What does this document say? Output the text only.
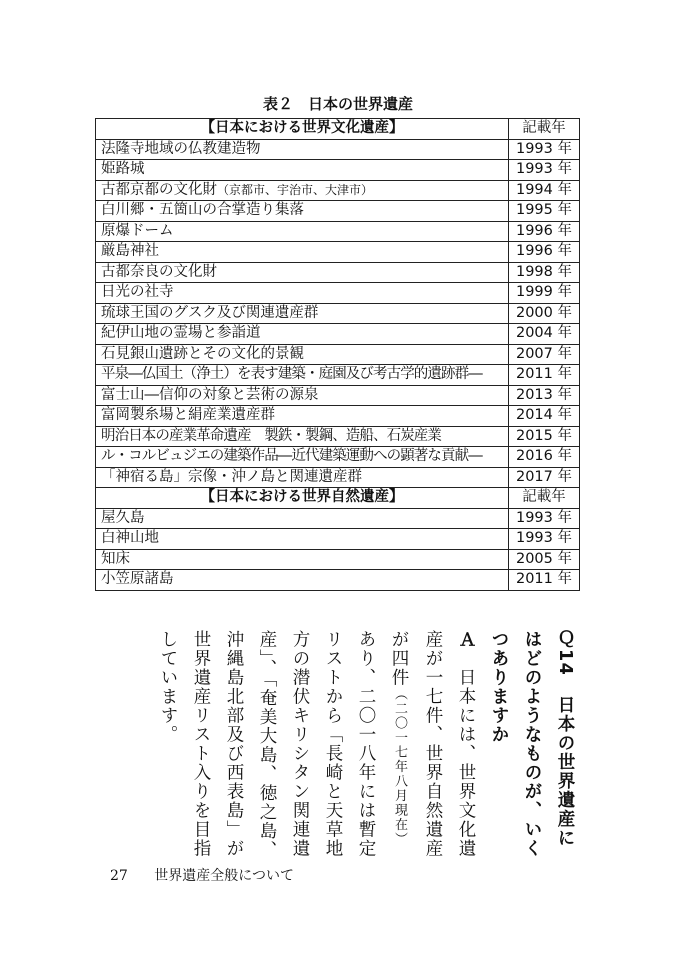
表２　日本の世界遺産
【日本における世界文化遺産】	記載年
法隆寺地域の仏教建造物	1993 年
姫路城	1993 年
古都京都の文化財（京都市、宇治市、大津市）	1994 年
白川郷・五箇山の合掌造り集落	1995 年
原爆ドーム	1996 年
厳島神社	1996 年
古都奈良の文化財	1998 年
日光の社寺	1999 年
琉球王国のグスク及び関連遺産群	2000 年
紀伊山地の霊場と参詣道	2004 年
石見銀山遺跡とその文化的景観	2007 年
平泉―仏国土（浄土）を表す建築・庭園及び考古学的遺跡群―	2011 年
富士山―信仰の対象と芸術の源泉	2013 年
富岡製糸場と絹産業遺産群	2014 年
明治日本の産業革命遺産　製鉄・製鋼、造船、石炭産業	2015 年
ル・コルビュジエの建築作品―近代建築運動への顕著な貢献―	2016 年
「神宿る島」宗像・沖ノ島と関連遺産群	2017 年
【日本における世界自然遺産】	記載年
屋久島	1993 年
白神山地	1993 年
知床	2005 年
小笠原諸島	2011 年
Ｑ14　日本の世界遺産にはどのようなものが、いくつありますか
Ａ　日本には、世界文化遺産が一七件、世界自然遺産が四件（二〇一七年八月現在）あり、二〇一八年には暫定リストから「長崎と天草地方の潜伏キリシタン関連遺産」、「奄美大島、徳之島、沖縄島北部及び西表島」が世界遺産リスト入りを目指しています。
27 世界遺産全般について
